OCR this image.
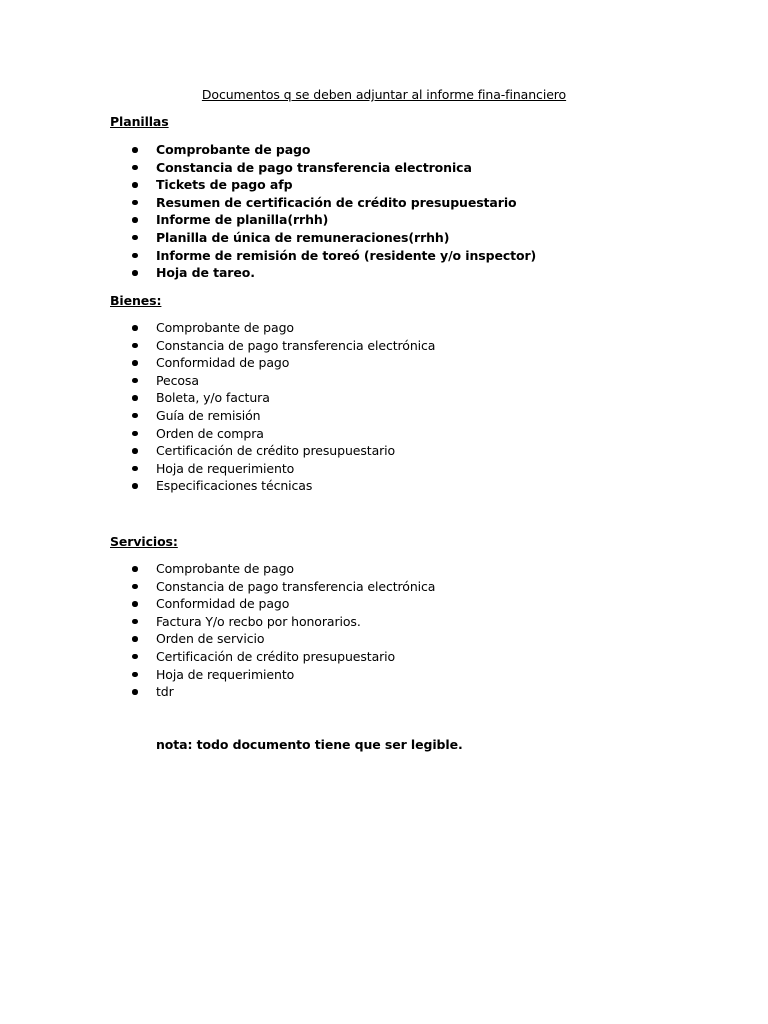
Documentos q se deben adjuntar al informe fina-financiero
Planillas
Comprobante de pago
Constancia de pago transferencia electronica
Tickets de pago afp
Resumen de certificación de crédito presupuestario
Informe de planilla(rrhh)
Planilla de única de remuneraciones(rrhh)
Informe de remisión de toreó (residente y/o inspector)
Hoja de tareo.
Bienes:
Comprobante de pago
Constancia de pago transferencia electrónica
Conformidad de pago
Pecosa
Boleta, y/o factura
Guía de remisión
Orden de compra
Certificación de crédito presupuestario
Hoja de requerimiento
Especificaciones técnicas
Servicios:
Comprobante de pago
Constancia de pago transferencia electrónica
Conformidad de pago
Factura Y/o recbo por honorarios.
Orden de servicio
Certificación de crédito presupuestario
Hoja de requerimiento
tdr
nota: todo documento tiene que ser legible.
